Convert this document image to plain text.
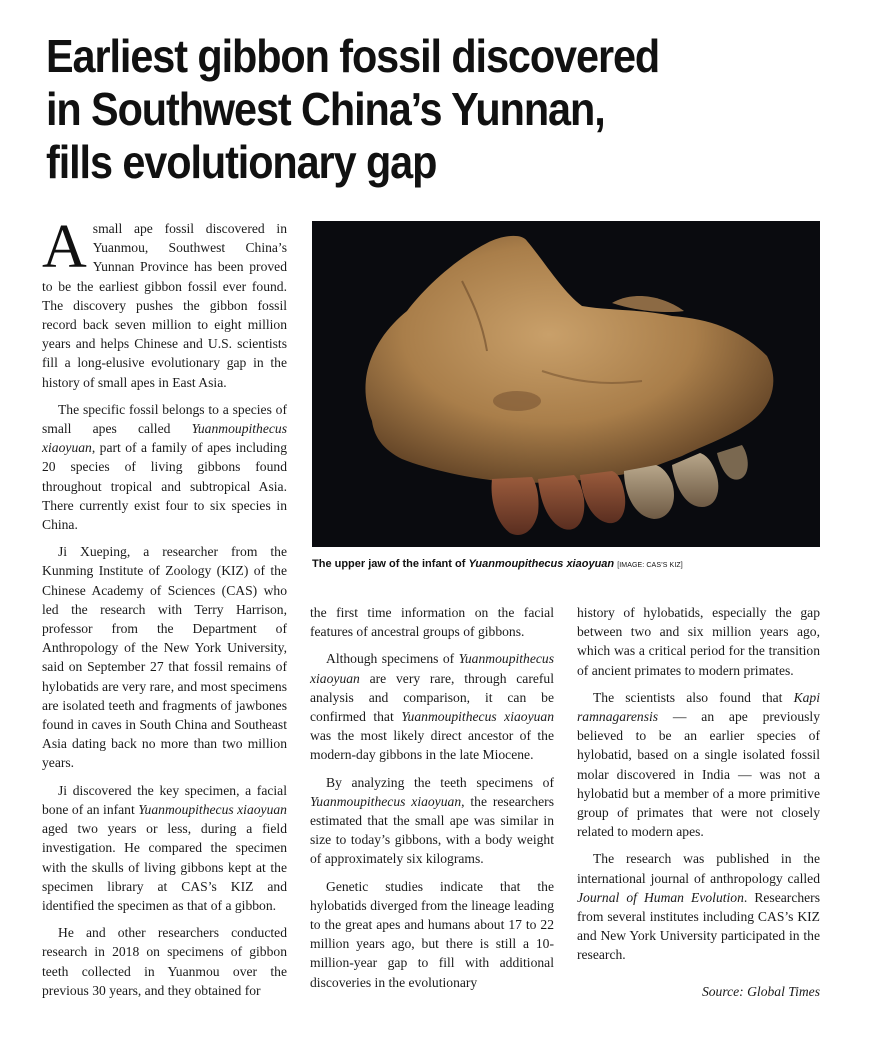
Earliest gibbon fossil discovered
in Southwest China’s Yunnan,
fills evolutionary gap

Asmall ape fossil discovered in Yuanmou, Southwest China’s Yunnan Province has been proved to be the earliest gibbon fossil ever found. The discovery pushes the gibbon fossil record back seven million to eight million years and helps Chinese and U.S. scientists fill a long-elusive evolutionary gap in the history of small apes in East Asia.

The specific fossil belongs to a species of small apes called Yuanmoupithecus xiaoyuan, part of a family of apes including 20 species of living gibbons found throughout tropical and subtropical Asia. There currently exist four to six species in China.

Ji Xueping, a researcher from the Kunming Institute of Zoology (KIZ) of the Chinese Academy of Sciences (CAS) who led the research with Terry Harrison, professor from the Department of Anthropology of the New York University, said on September 27 that fossil remains of hylobatids are very rare, and most specimens are isolated teeth and fragments of jawbones found in caves in South China and Southeast Asia dating back no more than two million years.

Ji discovered the key specimen, a facial bone of an infant Yuanmoupithecus xiaoyuan aged two years or less, during a field investigation. He compared the specimen with the skulls of living gibbons kept at the specimen library at CAS’s KIZ and identified the specimen as that of a gibbon.

He and other researchers conducted research in 2018 on specimens of gibbon teeth collected in Yuanmou over the previous 30 years, and they obtained for

The upper jaw of the infant of Yuanmoupithecus xiaoyuan [IMAGE: CAS’S KIZ]

the first time information on the facial features of ancestral groups of gibbons.

Although specimens of Yuanmoupithecus xiaoyuan are very rare, through careful analysis and comparison, it can be confirmed that Yuanmoupithecus xiaoyuan was the most likely direct ancestor of the modern-day gibbons in the late Miocene.

By analyzing the teeth specimens of Yuanmoupithecus xiaoyuan, the researchers estimated that the small ape was similar in size to today’s gibbons, with a body weight of approximately six kilograms.

Genetic studies indicate that the hylobatids diverged from the lineage leading to the great apes and humans about 17 to 22 million years ago, but there is still a 10-million-year gap to fill with additional discoveries in the evolutionary

history of hylobatids, especially the gap between two and six million years ago, which was a critical period for the transition of ancient primates to modern primates.

The scientists also found that Kapi ramnagarensis — an ape previously believed to be an earlier species of hylobatid, based on a single isolated fossil molar discovered in India — was not a hylobatid but a member of a more primitive group of primates that were not closely related to modern apes.

The research was published in the international journal of anthropology called Journal of Human Evolution. Researchers from several institutes including CAS’s KIZ and New York University participated in the research.

Source: Global Times
